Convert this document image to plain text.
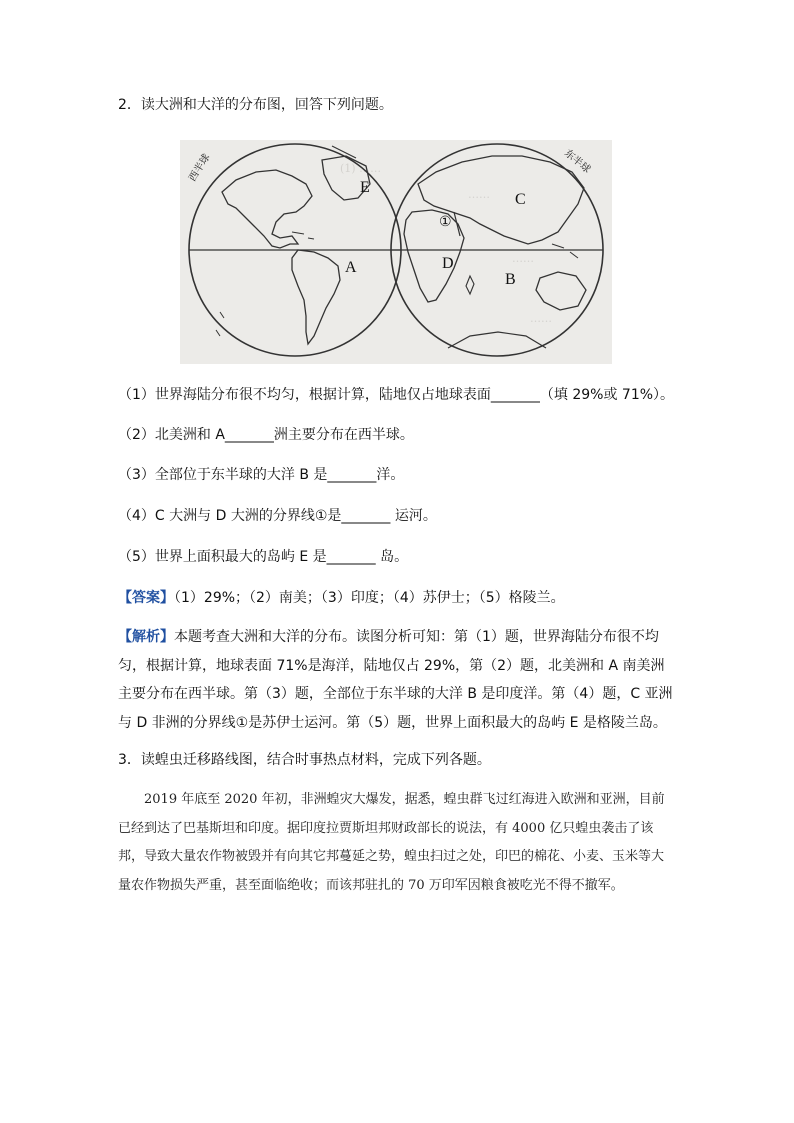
2．读大洲和大洋的分布图，回答下列问题。
(1) ……
……
……
……
西半球	东半球
E
A
①
C
D
B
（1）世界海陆分布很不均匀，根据计算，陆地仅占地球表面_______（填 29%或 71%）。
（2）北美洲和 A_______洲主要分布在西半球。
（3）全部位于东半球的大洋 B 是_______洋。
（4）C 大洲与 D 大洲的分界线①是_______ 运河。
（5）世界上面积最大的岛屿 E 是_______ 岛。
【答案】（1）29%；（2）南美；（3）印度；（4）苏伊士；（5）格陵兰。
【解析】本题考查大洲和大洋的分布。读图分析可知：第（1）题，世界海陆分布很不均匀，根据计算，地球表面 71%是海洋，陆地仅占 29%，第（2）题，北美洲和 A 南美洲主要分布在西半球。第（3）题，全部位于东半球的大洋 B 是印度洋。第（4）题，C 亚洲与 D 非洲的分界线①是苏伊士运河。第（5）题，世界上面积最大的岛屿 E 是格陵兰岛。
3．读蝗虫迁移路线图，结合时事热点材料，完成下列各题。
2019 年底至 2020 年初，非洲蝗灾大爆发，据悉，蝗虫群飞过红海进入欧洲和亚洲，目前已经到达了巴基斯坦和印度。据印度拉贾斯坦邦财政部长的说法，有 4000 亿只蝗虫袭击了该邦，导致大量农作物被毁并有向其它邦蔓延之势，蝗虫扫过之处，印巴的棉花、小麦、玉米等大量农作物损失严重，甚至面临绝收；而该邦驻扎的 70 万印军因粮食被吃光不得不撤军。
